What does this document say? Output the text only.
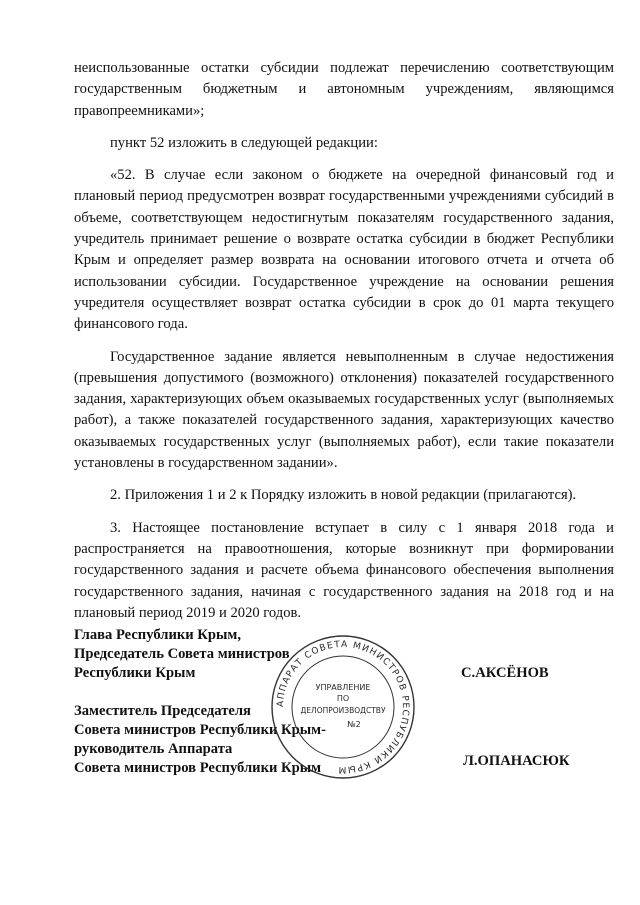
неиспользованные остатки субсидии подлежат перечислению соответствующим государственным бюджетным и автономным учреждениям, являющимся правопреемниками»;

пункт 52 изложить в следующей редакции:

«52. В случае если законом о бюджете на очередной финансовый год и плановый период предусмотрен возврат государственными учреждениями субсидий в объеме, соответствующем недостигнутым показателям государственного задания, учредитель принимает решение о возврате остатка субсидии в бюджет Республики Крым и определяет размер возврата на основании итогового отчета и отчета об использовании субсидии. Государственное учреждение на основании решения учредителя осуществляет возврат остатка субсидии в срок до 01 марта текущего финансового года.

Государственное задание является невыполненным в случае недостижения (превышения допустимого (возможного) отклонения) показателей государственного задания, характеризующих объем оказываемых государственных услуг (выполняемых работ), а также показателей государственного задания, характеризующих качество оказываемых государственных услуг (выполняемых работ), если такие показатели установлены в государственном задании».

2. Приложения 1 и 2 к Порядку изложить в новой редакции (прилагаются).

3. Настоящее постановление вступает в силу с 1 января 2018 года и распространяется на правоотношения, которые возникнут при формировании государственного задания и расчете объема финансового обеспечения выполнения государственного задания, начиная с государственного задания на 2018 год и на плановый период 2019 и 2020 годов.

Глава Республики Крым,
Председатель Совета министров
Республики Крым	С.АКСЁНОВ
Заместитель Председателя
Совета министров Республики Крым-
руководитель Аппарата
Совета министров Республики Крым	Л.ОПАНАСЮК
АППАРАТ СОВЕТА МИНИСТРОВ РЕСПУБЛИКИ КРЫМ
УПРАВЛЕНИЕ
ПО
ДЕЛОПРОИЗВОДСТВУ
№2
